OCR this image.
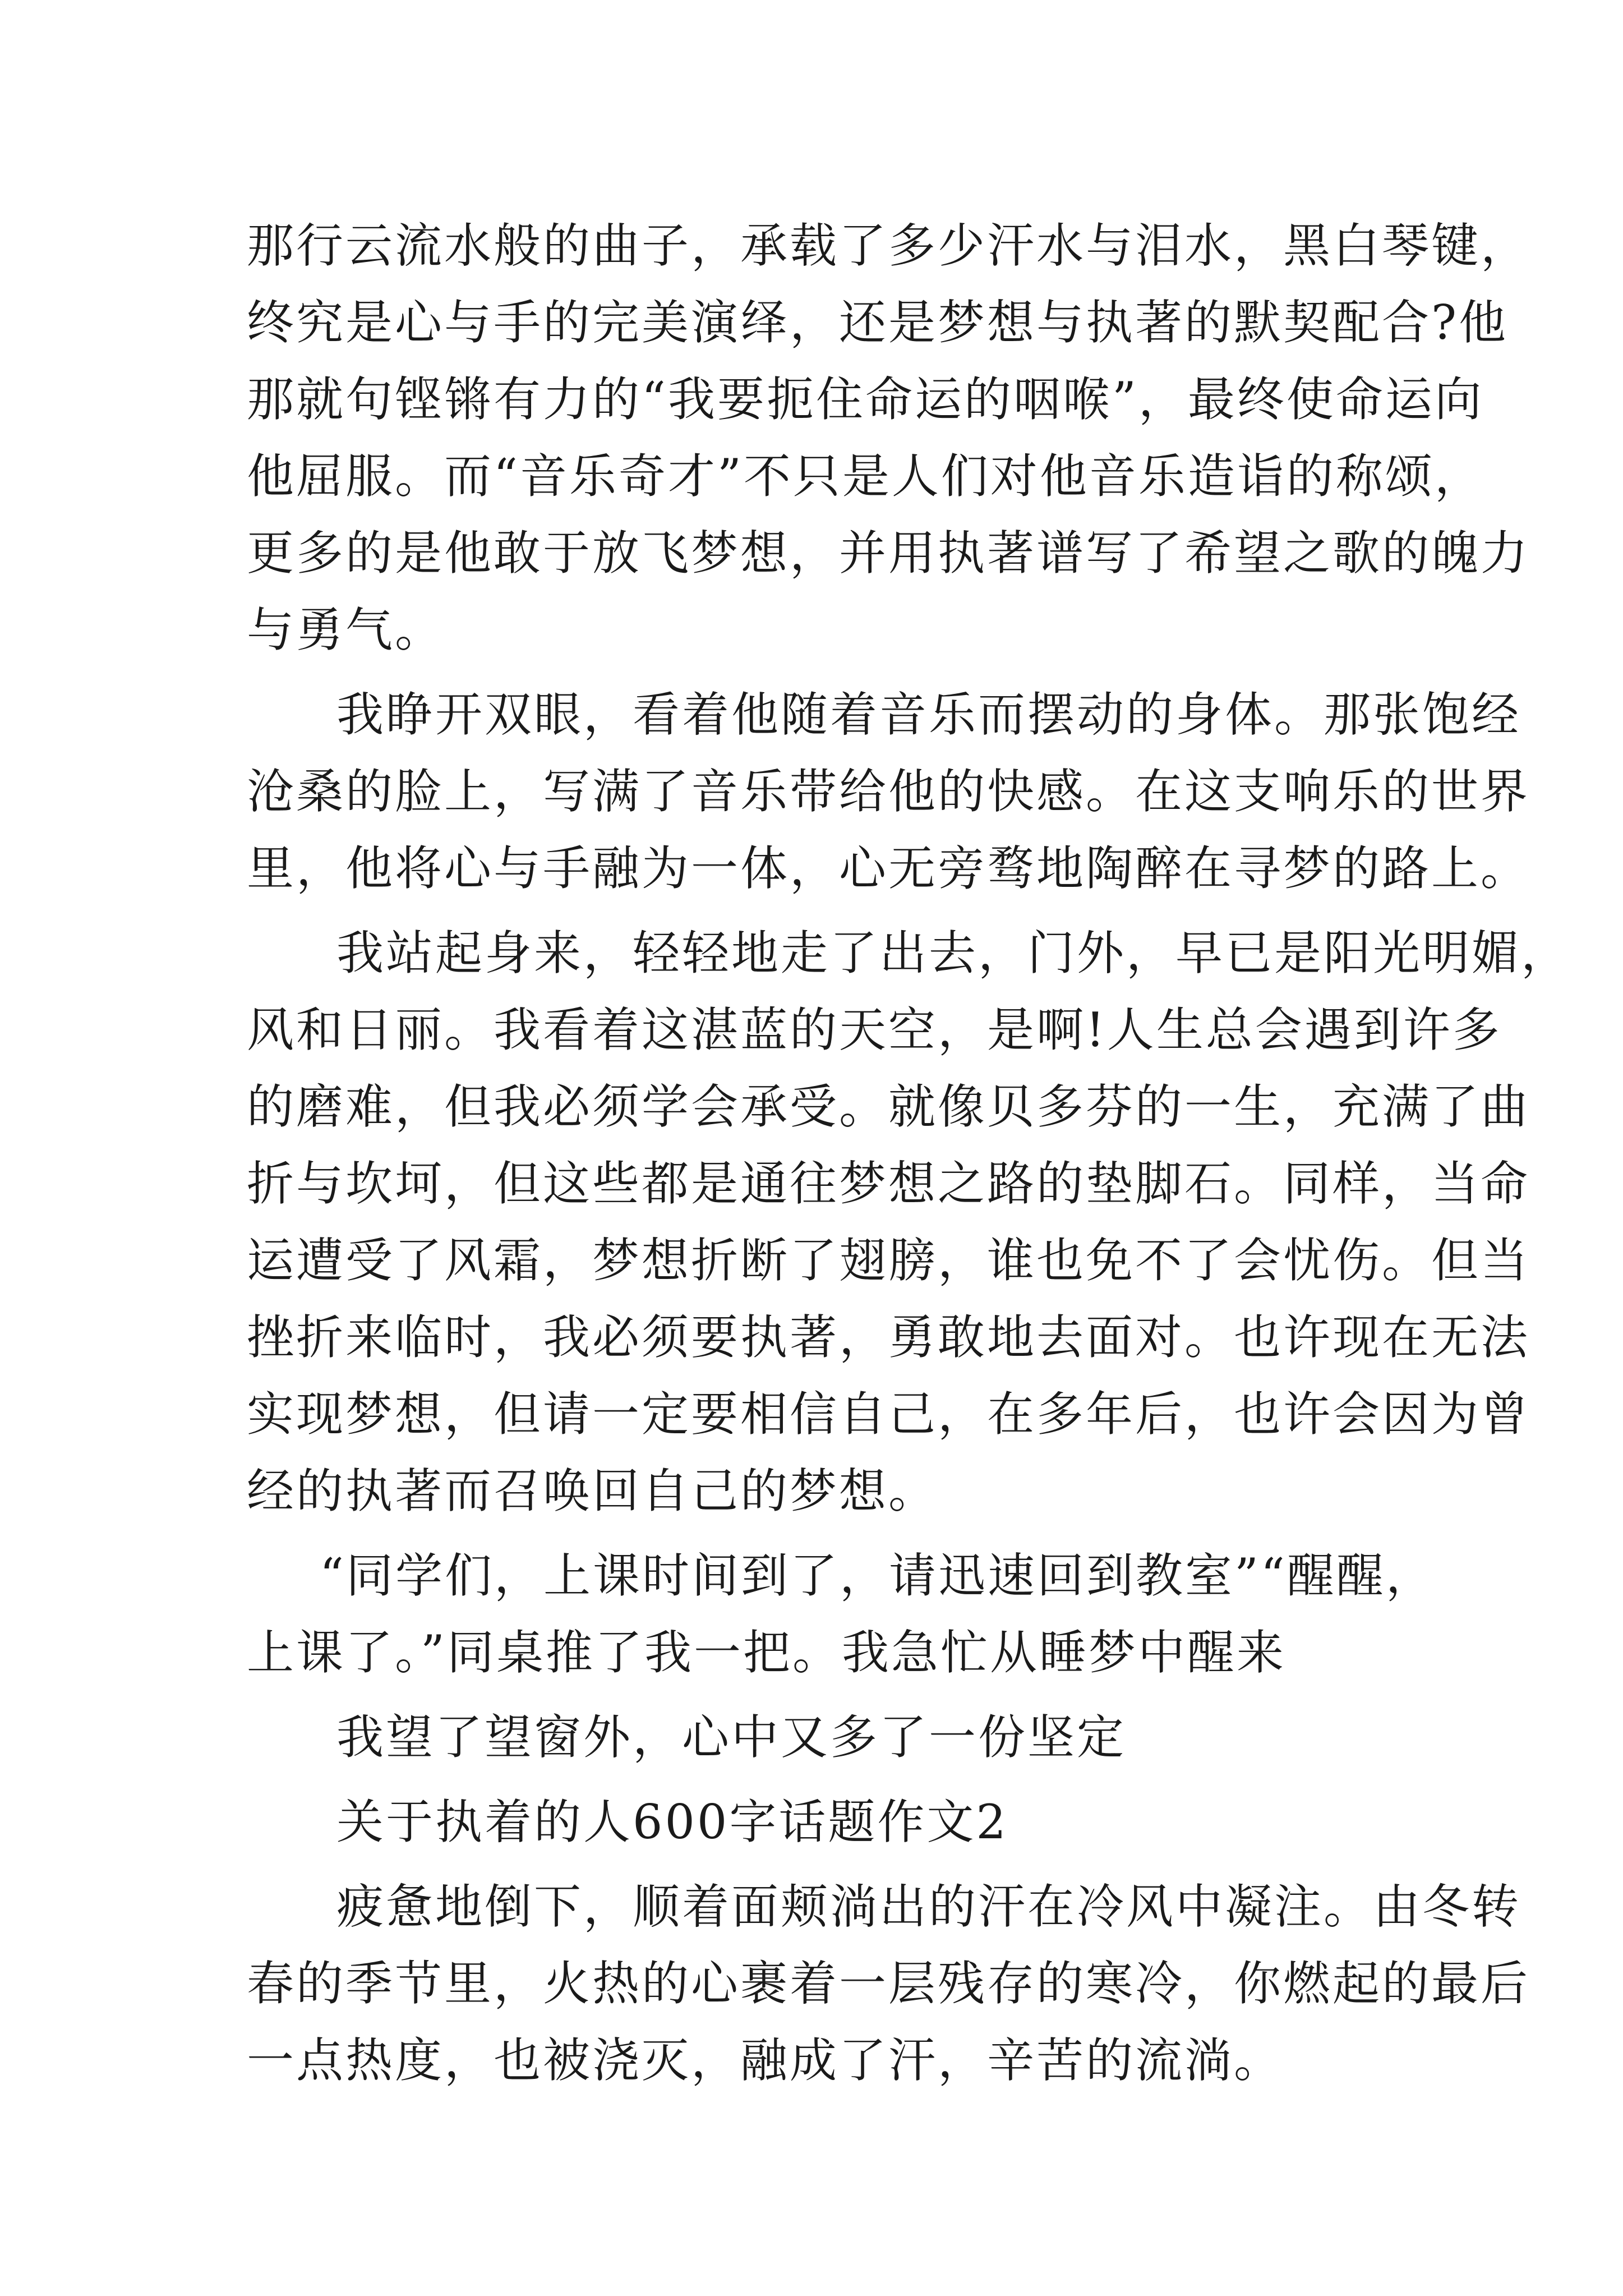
那行云流水般的曲子，承载了多少汗水与泪水，黑白琴键，
终究是心与手的完美演绎，还是梦想与执著的默契配合?他
那就句铿锵有力的“我要扼住命运的咽喉”，最终使命运向
他屈服。而“音乐奇才”不只是人们对他音乐造诣的称颂，
更多的是他敢于放飞梦想，并用执著谱写了希望之歌的魄力
与勇气。
我睁开双眼，看着他随着音乐而摆动的身体。那张饱经
沧桑的脸上，写满了音乐带给他的快感。在这支响乐的世界
里，他将心与手融为一体，心无旁骛地陶醉在寻梦的路上。
我站起身来，轻轻地走了出去，门外，早已是阳光明媚，
风和日丽。我看着这湛蓝的天空，是啊!人生总会遇到许多
的磨难，但我必须学会承受。就像贝多芬的一生，充满了曲
折与坎坷，但这些都是通往梦想之路的垫脚石。同样，当命
运遭受了风霜，梦想折断了翅膀，谁也免不了会忧伤。但当
挫折来临时，我必须要执著，勇敢地去面对。也许现在无法
实现梦想，但请一定要相信自己，在多年后，也许会因为曾
经的执著而召唤回自己的梦想。
“同学们，上课时间到了，请迅速回到教室”“醒醒，
上课了。”同桌推了我一把。我急忙从睡梦中醒来
我望了望窗外，心中又多了一份坚定
关于执着的人600字话题作文2
疲惫地倒下，顺着面颊淌出的汗在冷风中凝注。由冬转
春的季节里，火热的心裹着一层残存的寒冷，你燃起的最后
一点热度，也被浇灭，融成了汗，辛苦的流淌。
